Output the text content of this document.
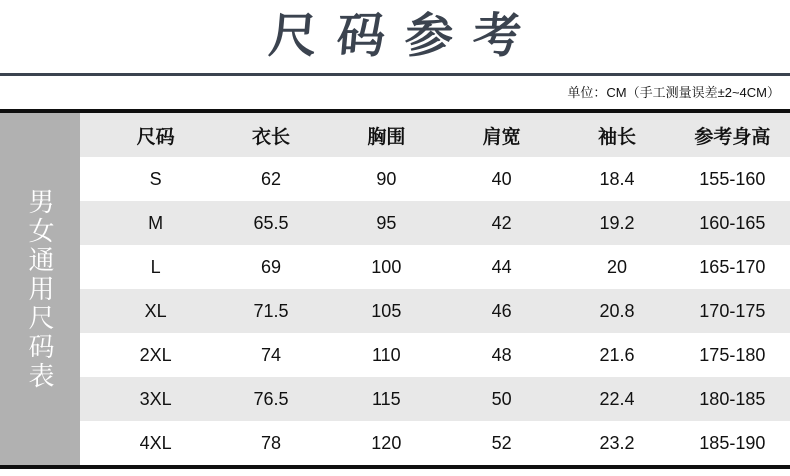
尺码参考
单位：CM（手工测量误差±2~4CM）
男女通用尺码表
尺码	衣长	胸围	肩宽	袖长	参考身高
S	62	90	40	18.4	155-160
M	65.5	95	42	19.2	160-165
L	69	100	44	20	165-170
XL	71.5	105	46	20.8	170-175
2XL	74	110	48	21.6	175-180
3XL	76.5	115	50	22.4	180-185
4XL	78	120	52	23.2	185-190
